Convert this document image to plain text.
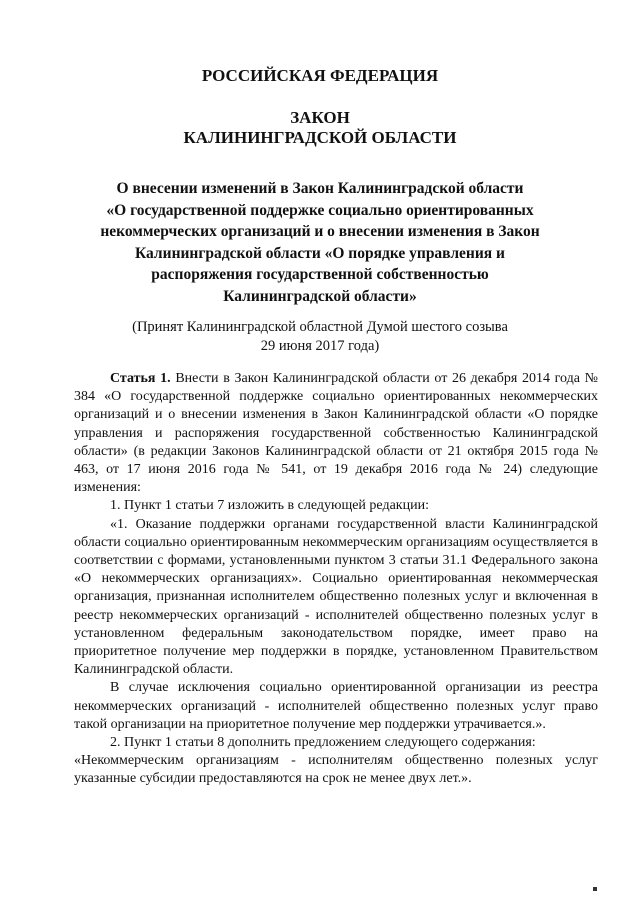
РОССИЙСКАЯ ФЕДЕРАЦИЯ
ЗАКОН
КАЛИНИНГРАДСКОЙ ОБЛАСТИ
О внесении изменений в Закон Калининградской области
«О государственной поддержке социально ориентированных
некоммерческих организаций и о внесении изменения в Закон
Калининградской области «О порядке управления и
распоряжения государственной собственностью
Калининградской области»
(Принят Калининградской областной Думой шестого созыва
29 июня 2017 года)

Статья 1. Внести в Закон Калининградской области от 26 декабря 2014 года № 384 «О государственной поддержке социально ориентированных некоммерческих организаций и о внесении изменения в Закон Калининградской области «О порядке управления и распоряжения государственной собственностью Калининградской области» (в редакции Законов Калининградской области от 21 октября 2015 года № 463, от 17 июня 2016 года № 541, от 19 декабря 2016 года № 24) следующие изменения:

1. Пункт 1 статьи 7 изложить в следующей редакции:

«1. Оказание поддержки органами государственной власти Калининградской области социально ориентированным некоммерческим организациям осуществляется в соответствии с формами, установленными пунктом 3 статьи 31.1 Федерального закона «О некоммерческих организациях». Социально ориентированная некоммерческая организация, признанная исполнителем общественно полезных услуг и включенная в реестр некоммерческих организаций - исполнителей общественно полезных услуг в установленном федеральным законодательством порядке, имеет право на приоритетное получение мер поддержки в порядке, установленном Правительством Калининградской области.

В случае исключения социально ориентированной организации из реестра некоммерческих организаций - исполнителей общественно полезных услуг право такой организации на приоритетное получение мер поддержки утрачивается.».

2. Пункт 1 статьи 8 дополнить предложением следующего содержания:

«Некоммерческим организациям - исполнителям общественно полезных услуг указанные субсидии предоставляются на срок не менее двух лет.».
